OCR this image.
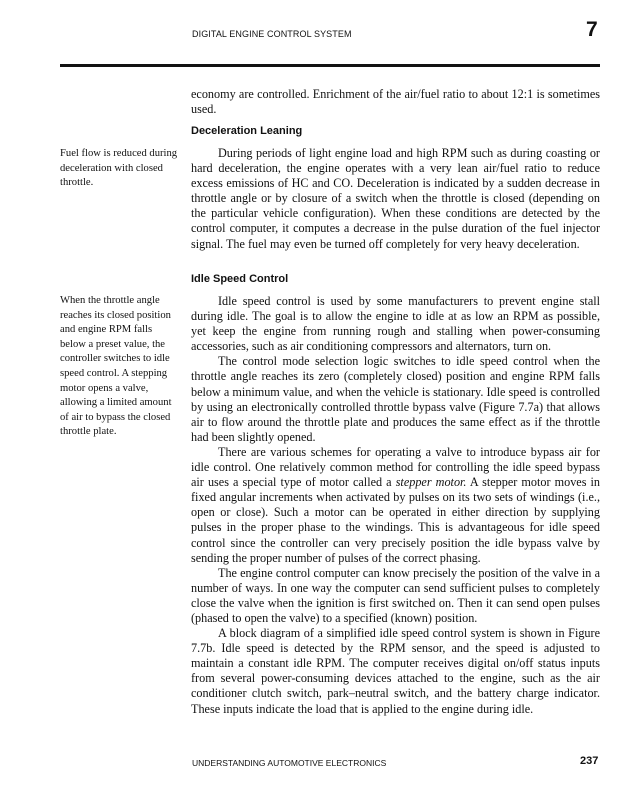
DIGITAL ENGINE CONTROL SYSTEM	7

economy are controlled. Enrichment of the air/fuel ratio to about 12:1 is sometimes used.

Deceleration Leaning
Fuel flow is reduced during deceleration with closed throttle.

During periods of light engine load and high RPM such as during coasting or hard deceleration, the engine operates with a very lean air/fuel ratio to reduce excess emissions of HC and CO. Deceleration is indicated by a sudden decrease in throttle angle or by closure of a switch when the throttle is closed (depending on the particular vehicle configuration). When these conditions are detected by the control computer, it computes a decrease in the pulse duration of the fuel injector signal. The fuel may even be turned off completely for very heavy deceleration.

Idle Speed Control
When the throttle angle reaches its closed position and engine RPM falls below a preset value, the controller switches to idle speed control. A stepping motor opens a valve, allowing a limited amount of air to bypass the closed throttle plate.

Idle speed control is used by some manufacturers to prevent engine stall during idle. The goal is to allow the engine to idle at as low an RPM as possible, yet keep the engine from running rough and stalling when power-consuming accessories, such as air conditioning compressors and alternators, turn on.

The control mode selection logic switches to idle speed control when the throttle angle reaches its zero (completely closed) position and engine RPM falls below a minimum value, and when the vehicle is stationary. Idle speed is controlled by using an electronically controlled throttle bypass valve (Figure 7.7a) that allows air to flow around the throttle plate and produces the same effect as if the throttle had been slightly opened.

There are various schemes for operating a valve to introduce bypass air for idle control. One relatively common method for controlling the idle speed bypass air uses a special type of motor called a stepper motor. A stepper motor moves in fixed angular increments when activated by pulses on its two sets of windings (i.e., open or close). Such a motor can be operated in either direction by supplying pulses in the proper phase to the windings. This is advantageous for idle speed control since the controller can very precisely position the idle bypass valve by sending the proper number of pulses of the correct phasing.

The engine control computer can know precisely the position of the valve in a number of ways. In one way the computer can send sufficient pulses to completely close the valve when the ignition is first switched on. Then it can send open pulses (phased to open the valve) to a specified (known) position.

A block diagram of a simplified idle speed control system is shown in Figure 7.7b. Idle speed is detected by the RPM sensor, and the speed is adjusted to maintain a constant idle RPM. The computer receives digital on/off status inputs from several power-consuming devices attached to the engine, such as the air conditioner clutch switch, park–neutral switch, and the battery charge indicator. These inputs indicate the load that is applied to the engine during idle.

UNDERSTANDING AUTOMOTIVE ELECTRONICS	237
